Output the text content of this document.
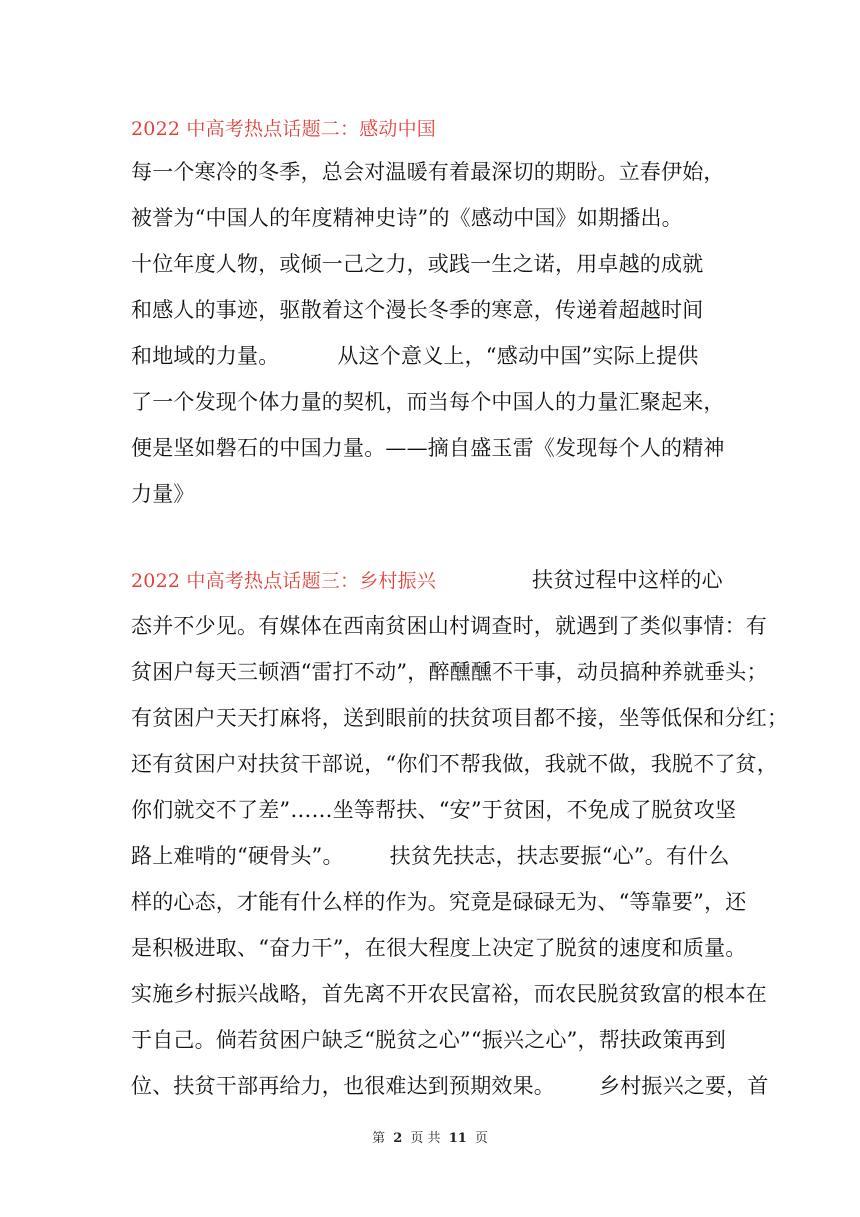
2022 中高考热点话题二：感动中国
每一个寒冷的冬季，总会对温暖有着最深切的期盼。立春伊始，
被誉为“中国人的年度精神史诗”的《感动中国》如期播出。
十位年度人物，或倾一己之力，或践一生之诺，用卓越的成就
和感人的事迹，驱散着这个漫长冬季的寒意，传递着超越时间
和地域的力量。	从这个意义上，“感动中国”实际上提供
了一个发现个体力量的契机，而当每个中国人的力量汇聚起来，
便是坚如磐石的中国力量。——摘自盛玉雷《发现每个人的精神
力量》
2022 中高考热点话题三：乡村振兴	扶贫过程中这样的心
态并不少见。有媒体在西南贫困山村调查时，就遇到了类似事情：有
贫困户每天三顿酒“雷打不动”，醉醺醺不干事，动员搞种养就垂头；
有贫困户天天打麻将，送到眼前的扶贫项目都不接，坐等低保和分红；
还有贫困户对扶贫干部说，“你们不帮我做，我就不做，我脱不了贫，
你们就交不了差”……坐等帮扶、“安”于贫困，不免成了脱贫攻坚
路上难啃的“硬骨头”。 扶贫先扶志，扶志要振“心”。有什么
样的心态，才能有什么样的作为。究竟是碌碌无为、“等靠要”，还
是积极进取、“奋力干”，在很大程度上决定了脱贫的速度和质量。
实施乡村振兴战略，首先离不开农民富裕，而农民脱贫致富的根本在
于自己。倘若贫困户缺乏“脱贫之心”“振兴之心”，帮扶政策再到
位、扶贫干部再给力，也很难达到预期效果。 乡村振兴之要，首
第 2 页 共 11 页
